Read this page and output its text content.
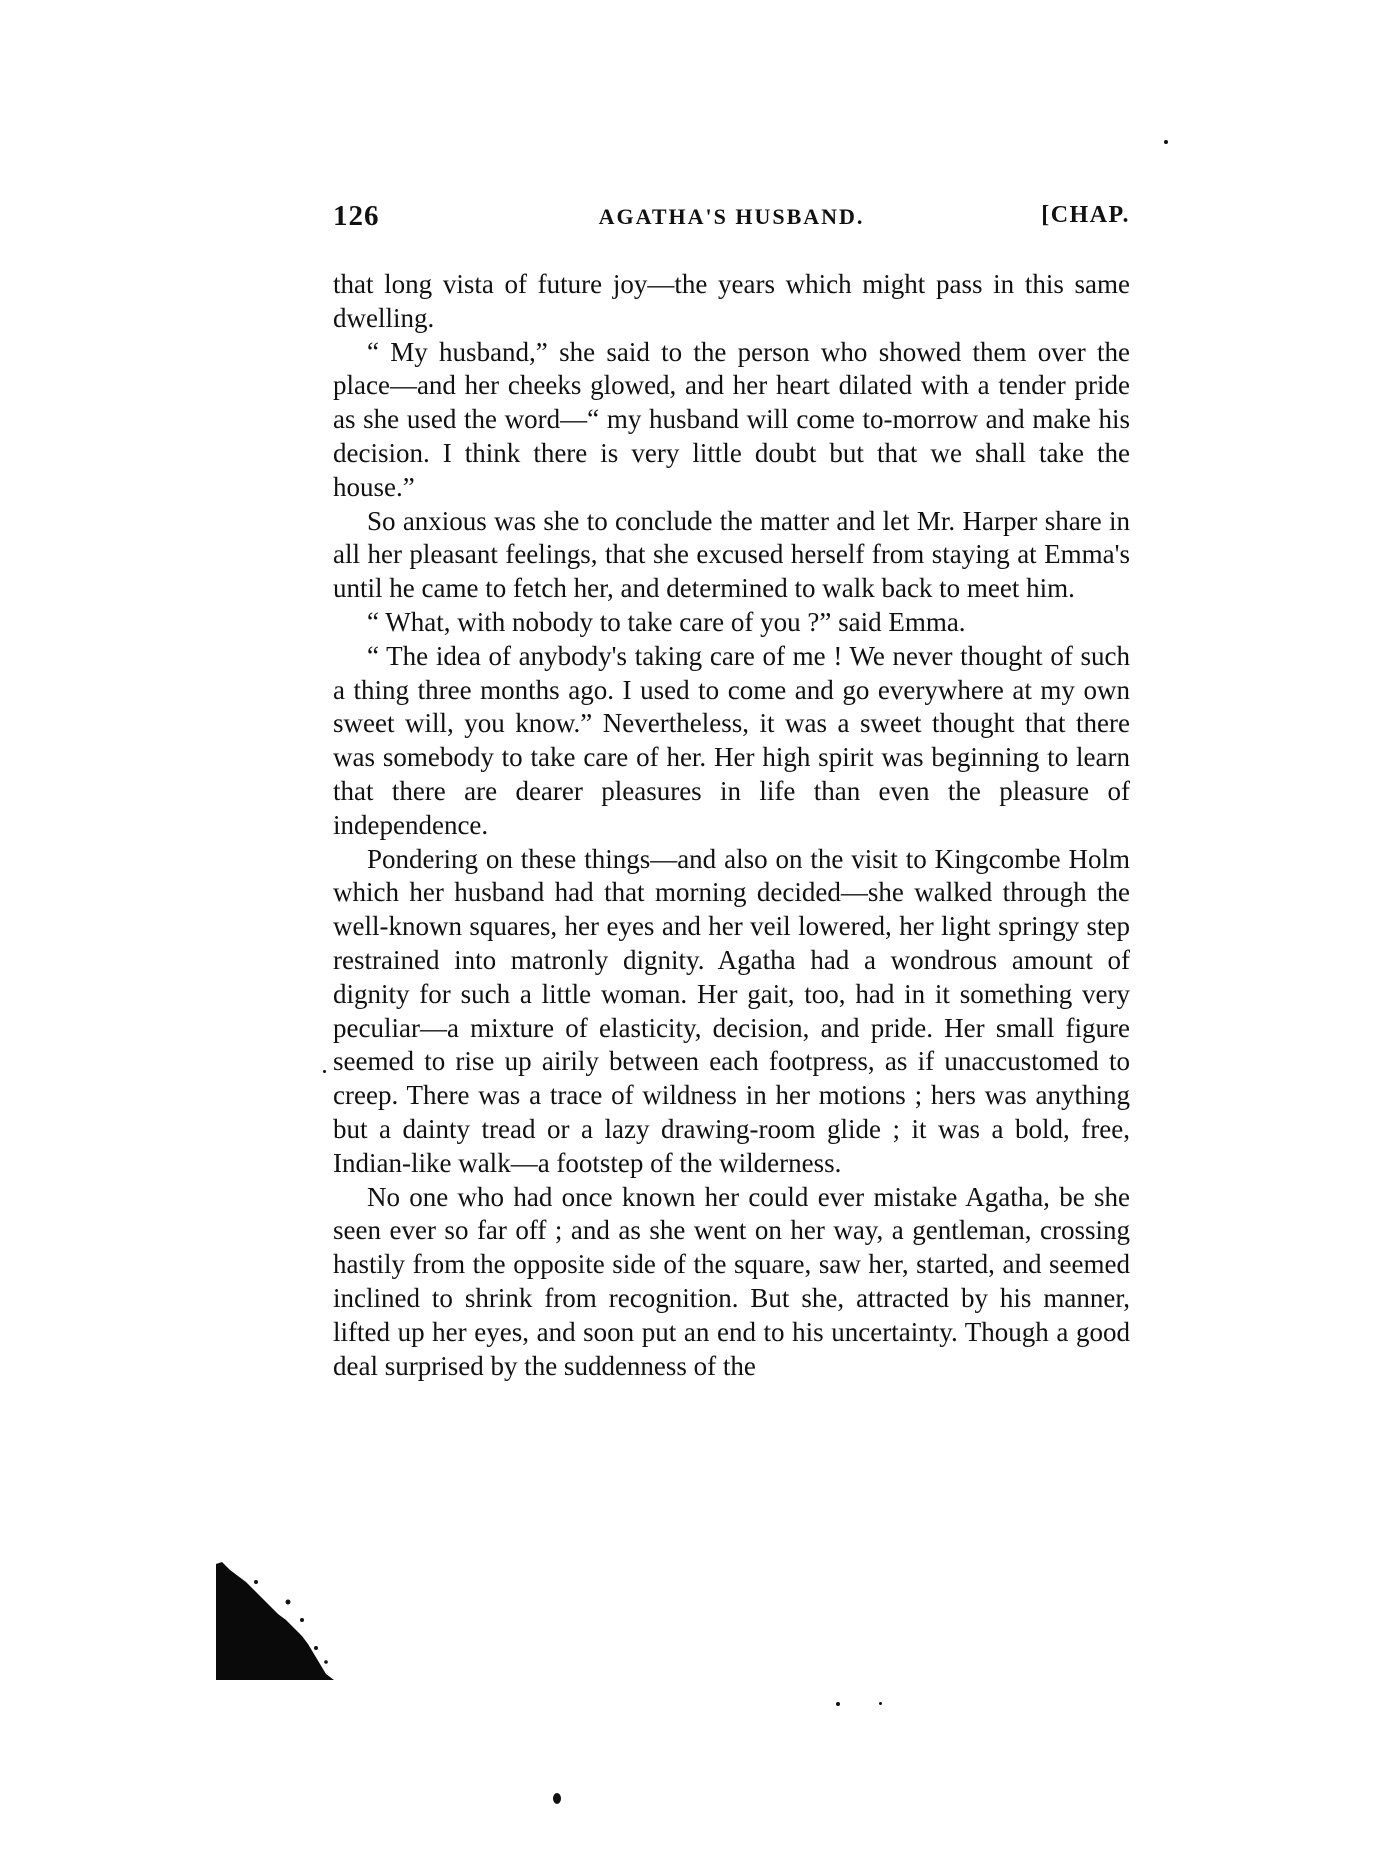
126	AGATHA'S HUSBAND.	[CHAP.

that long vista of future joy—the years which might pass in this same dwelling.

“ My husband,” she said to the person who showed them over the place—and her cheeks glowed, and her heart dilated with a tender pride as she used the word—“ my husband will come to-morrow and make his decision. I think there is very little doubt but that we shall take the house.”

So anxious was she to conclude the matter and let Mr. Harper share in all her pleasant feelings, that she excused herself from staying at Emma's until he came to fetch her, and determined to walk back to meet him.

“ What, with nobody to take care of you ?” said Emma.

“ The idea of anybody's taking care of me ! We never thought of such a thing three months ago. I used to come and go everywhere at my own sweet will, you know.” Nevertheless, it was a sweet thought that there was somebody to take care of her. Her high spirit was beginning to learn that there are dearer pleasures in life than even the pleasure of independence.

Pondering on these things—and also on the visit to Kingcombe Holm which her husband had that morning decided—she walked through the well-known squares, her eyes and her veil lowered, her light springy step restrained into matronly dignity. Agatha had a wondrous amount of dignity for such a little woman. Her gait, too, had in it something very peculiar—a mixture of elasticity, decision, and pride. Her small figure seemed to rise up airily between each footpress, as if unaccustomed to creep. There was a trace of wildness in her motions ; hers was anything but a dainty tread or a lazy drawing-room glide ; it was a bold, free, Indian-like walk—a footstep of the wilderness.

No one who had once known her could ever mistake Agatha, be she seen ever so far off ; and as she went on her way, a gentleman, crossing hastily from the opposite side of the square, saw her, started, and seemed inclined to shrink from recognition. But she, attracted by his manner, lifted up her eyes, and soon put an end to his uncertainty. Though a good deal surprised by the suddenness of the
